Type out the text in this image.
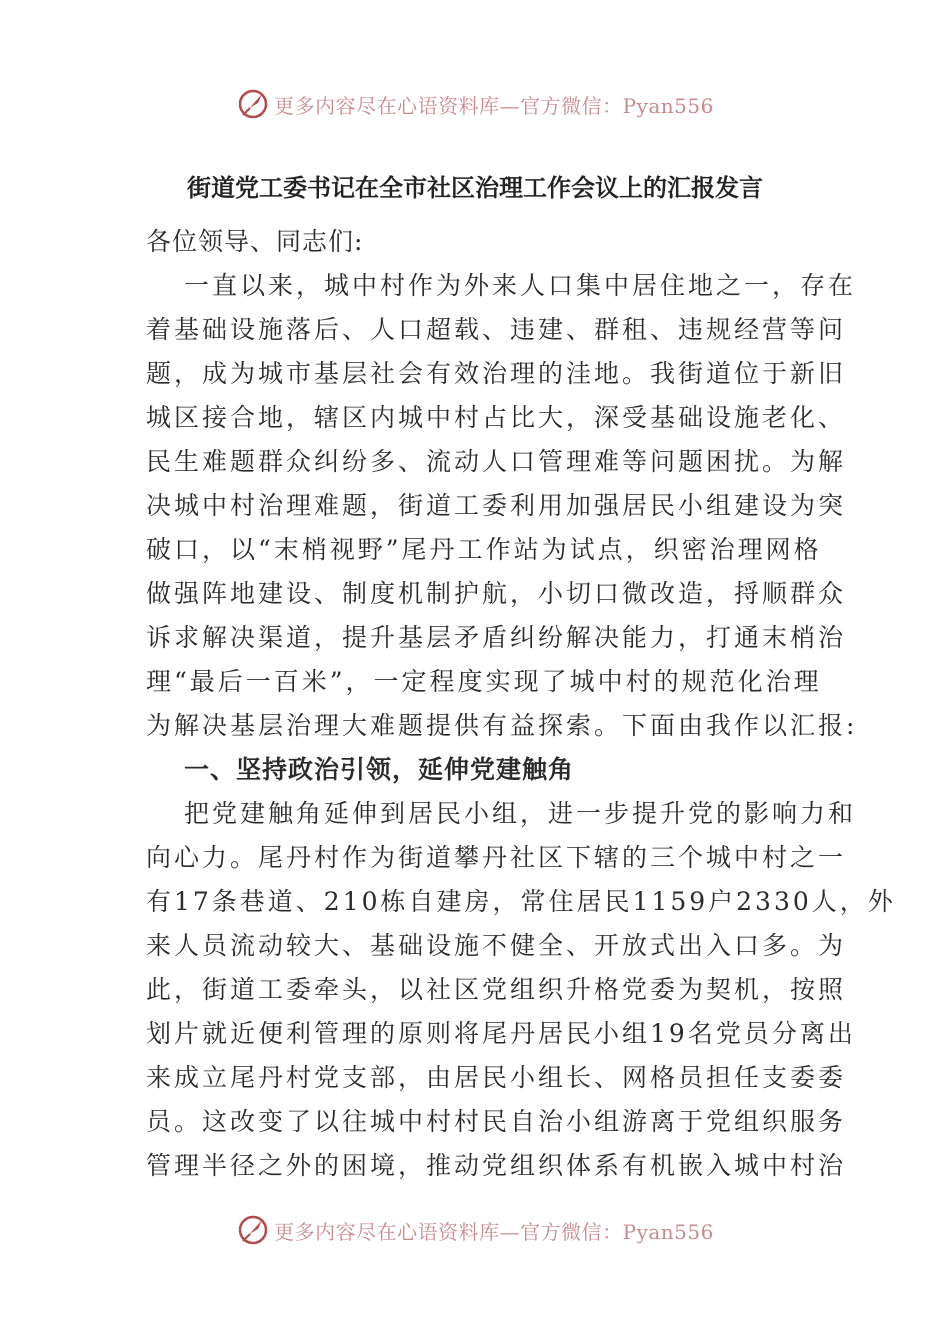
更多内容尽在心语资料库—官方微信：Pyan556
街道党工委书记在全市社区治理工作会议上的汇报发言
各位领导、同志们:
一直以来，城中村作为外来人口集中居住地之一，存在
着基础设施落后、人口超载、违建、群租、违规经营等问
题，成为城市基层社会有效治理的洼地。我街道位于新旧
城区接合地，辖区内城中村占比大，深受基础设施老化、
民生难题群众纠纷多、流动人口管理难等问题困扰。为解
决城中村治理难题，街道工委利用加强居民小组建设为突
破口，以“末梢视野”尾丹工作站为试点，织密治理网格
做强阵地建设、制度机制护航，小切口微改造，捋顺群众
诉求解决渠道，提升基层矛盾纠纷解决能力，打通末梢治
理“最后一百米”，一定程度实现了城中村的规范化治理
为解决基层治理大难题提供有益探索。下面由我作以汇报:
一、坚持政治引领，延伸党建触角
把党建触角延伸到居民小组，进一步提升党的影响力和
向心力。尾丹村作为街道攀丹社区下辖的三个城中村之一
有17条巷道、210栋自建房，常住居民1159户2330人，外
来人员流动较大、基础设施不健全、开放式出入口多。为
此，街道工委牵头，以社区党组织升格党委为契机，按照
划片就近便利管理的原则将尾丹居民小组19名党员分离出
来成立尾丹村党支部，由居民小组长、网格员担任支委委
员。这改变了以往城中村村民自治小组游离于党组织服务
管理半径之外的困境，推动党组织体系有机嵌入城中村治
更多内容尽在心语资料库—官方微信：Pyan556
